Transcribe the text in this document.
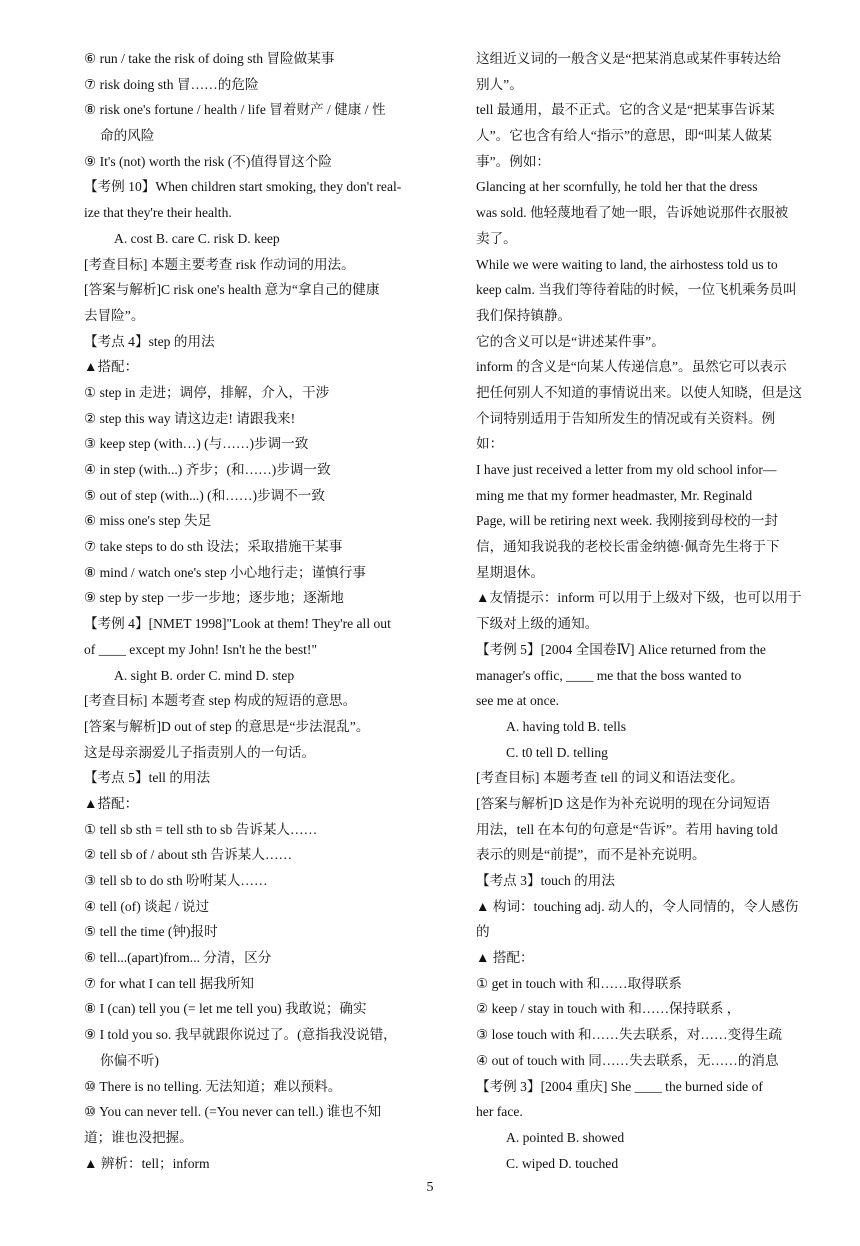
⑥ run / take the risk of doing sth 冒险做某事
⑦ risk doing sth 冒……的危险
⑧ risk one's fortune / health / life 冒着财产 / 健康 / 性
命的风险
⑨ It's (not) worth the risk (不)值得冒这个险
【考例 10】When children start smoking, they don't real-
ize that they're their health.
A. cost B. care C. risk D. keep
[考查目标] 本题主要考查 risk 作动词的用法。
[答案与解析]C risk one's health 意为“拿自己的健康
去冒险”。
【考点 4】step 的用法
▲搭配：
① step in 走进；调停，排解，介入，干涉
② step this way 请这边走! 请跟我来!
③ keep step (with…) (与……)步调一致
④ in step (with...) 齐步；(和……)步调一致
⑤ out of step (with...) (和……)步调不一致
⑥ miss one's step 失足
⑦ take steps to do sth 设法；采取措施干某事
⑧ mind / watch one's step 小心地行走；谨慎行事
⑨ step by step 一步一步地；逐步地；逐渐地
【考例 4】[NMET 1998]"Look at them! They're all out
of ____ except my John! Isn't he the best!"
A. sight B. order C. mind D. step
[考查目标] 本题考查 step 构成的短语的意思。
[答案与解析]D out of step 的意思是“步法混乱”。
这是母亲溺爱儿子指责别人的一句话。
【考点 5】tell 的用法
▲搭配：
① tell sb sth = tell sth to sb 告诉某人……
② tell sb of / about sth 告诉某人……
③ tell sb to do sth 吩咐某人……
④ tell (of) 谈起 / 说过
⑤ tell the time (钟)报时
⑥ tell...(apart)from... 分清，区分
⑦ for what I can tell 据我所知
⑧ I (can) tell you (= let me tell you) 我敢说；确实
⑨ I told you so. 我早就跟你说过了。(意指我没说错，
你偏不听)
⑩ There is no telling. 无法知道；难以预料。
⑩ You can never tell. (=You never can tell.) 谁也不知
道；谁也没把握。
▲ 辨析：tell；inform
这组近义词的一般含义是“把某消息或某件事转达给
别人”。
tell 最通用，最不正式。它的含义是“把某事告诉某
人”。它也含有给人“指示”的意思，即“叫某人做某
事”。例如：
Glancing at her scornfully, he told her that the dress
was sold. 他轻蔑地看了她一眼，告诉她说那件衣服被
卖了。
While we were waiting to land, the airhostess told us to
keep calm. 当我们等待着陆的时候，一位飞机乘务员叫
我们保持镇静。
它的含义可以是“讲述某件事”。
inform 的含义是“向某人传递信息”。虽然它可以表示
把任何别人不知道的事情说出来。以使人知晓，但是这
个词特别适用于告知所发生的情况或有关资料。例
如：
I have just received a letter from my old school infor—
ming me that my former headmaster, Mr. Reginald
Page, will be retiring next week. 我刚接到母校的一封
信，通知我说我的老校长雷金纳德·佩奇先生将于下
星期退休。
▲友情提示：inform 可以用于上级对下级，也可以用于
下级对上级的通知。
【考例 5】[2004 全国卷Ⅳ] Alice returned from the
manager's offic, ____ me that the boss wanted to
see me at once.
A. having told B. tells
C. t0 tell D. telling
[考查目标] 本题考查 tell 的词义和语法变化。
[答案与解析]D 这是作为补充说明的现在分词短语
用法，tell 在本句的句意是“告诉”。若用 having told
表示的则是“前提”，而不是补充说明。
【考点 3】touch 的用法
▲ 构词：touching adj. 动人的，令人同情的，令人感伤
的
▲ 搭配：
① get in touch with 和……取得联系
② keep / stay in touch with 和……保持联系 ，
③ lose touch with 和……失去联系，对……变得生疏
④ out of touch with 同……失去联系，无……的消息
【考例 3】[2004 重庆] She ____ the burned side of
her face.
A. pointed B. showed
C. wiped D. touched
5
